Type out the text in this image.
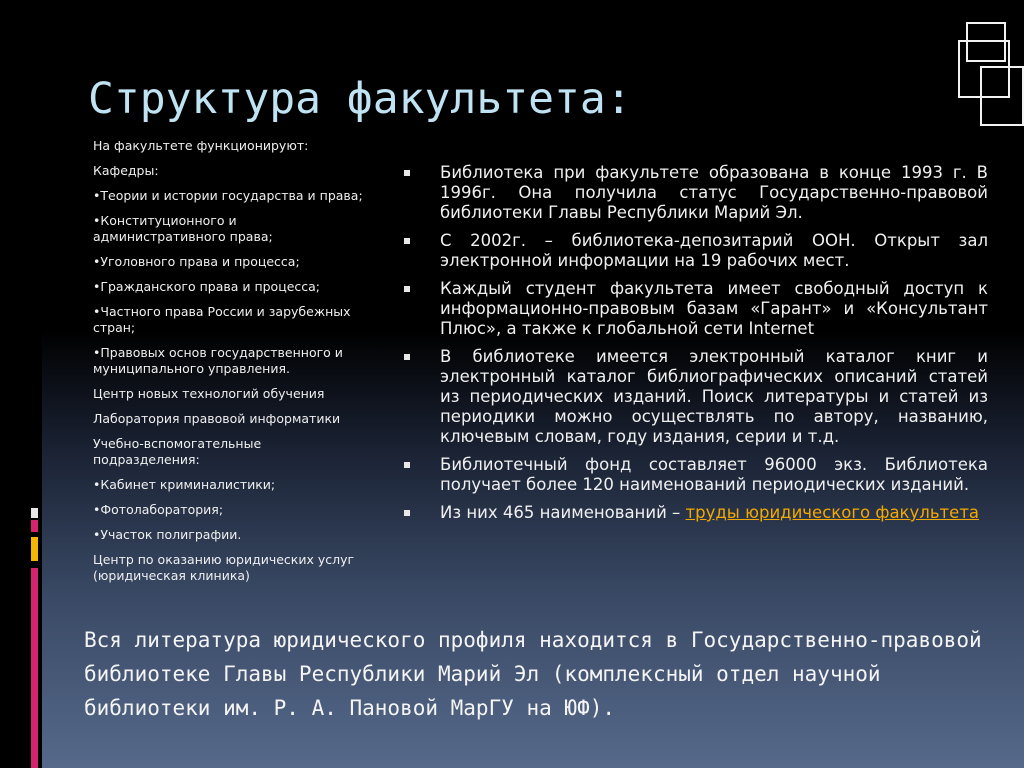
Структура факультета:
На факультете функционируют:
Кафедры:
•Теории и истории государства и права;
•Конституционного и административного права;
•Уголовного права и процесса;
•Гражданского права и процесса;
•Частного права России и зарубежных стран;
•Правовых основ государственного и муниципального управления.
Центр новых технологий обучения
Лаборатория правовой информатики
Учебно-вспомогательные подразделения:
•Кабинет криминалистики;
•Фотолаборатория;
•Участок полиграфии.
Центр по оказанию юридических услуг (юридическая клиника)
Библиотека при факультете образована в конце 1993 г. В 1996г. Она получила статус Государственно-правовой библиотеки Главы Республики Марий Эл.
С 2002г. – библиотека-депозитарий ООН. Открыт зал электронной информации на 19 рабочих мест.
Каждый студент факультета имеет свободный доступ к информационно-правовым базам «Гарант» и «Консультант Плюс», а также к глобальной сети Internet
В библиотеке имеется электронный каталог книг и электронный каталог библиографических описаний статей из периодических изданий. Поиск литературы и статей из периодики можно осуществлять по автору, названию, ключевым словам, году издания, серии и т.д.
Библиотечный фонд составляет 96000 экз. Библиотека получает более 120 наименований периодических изданий.
Из них 465 наименований – труды юридического факультета
Вся литература юридического профиля находится в Государственно-правовой библиотеке Главы Республики Марий Эл (комплексный отдел научной библиотеки им. Р. А. Пановой МарГУ на ЮФ).
